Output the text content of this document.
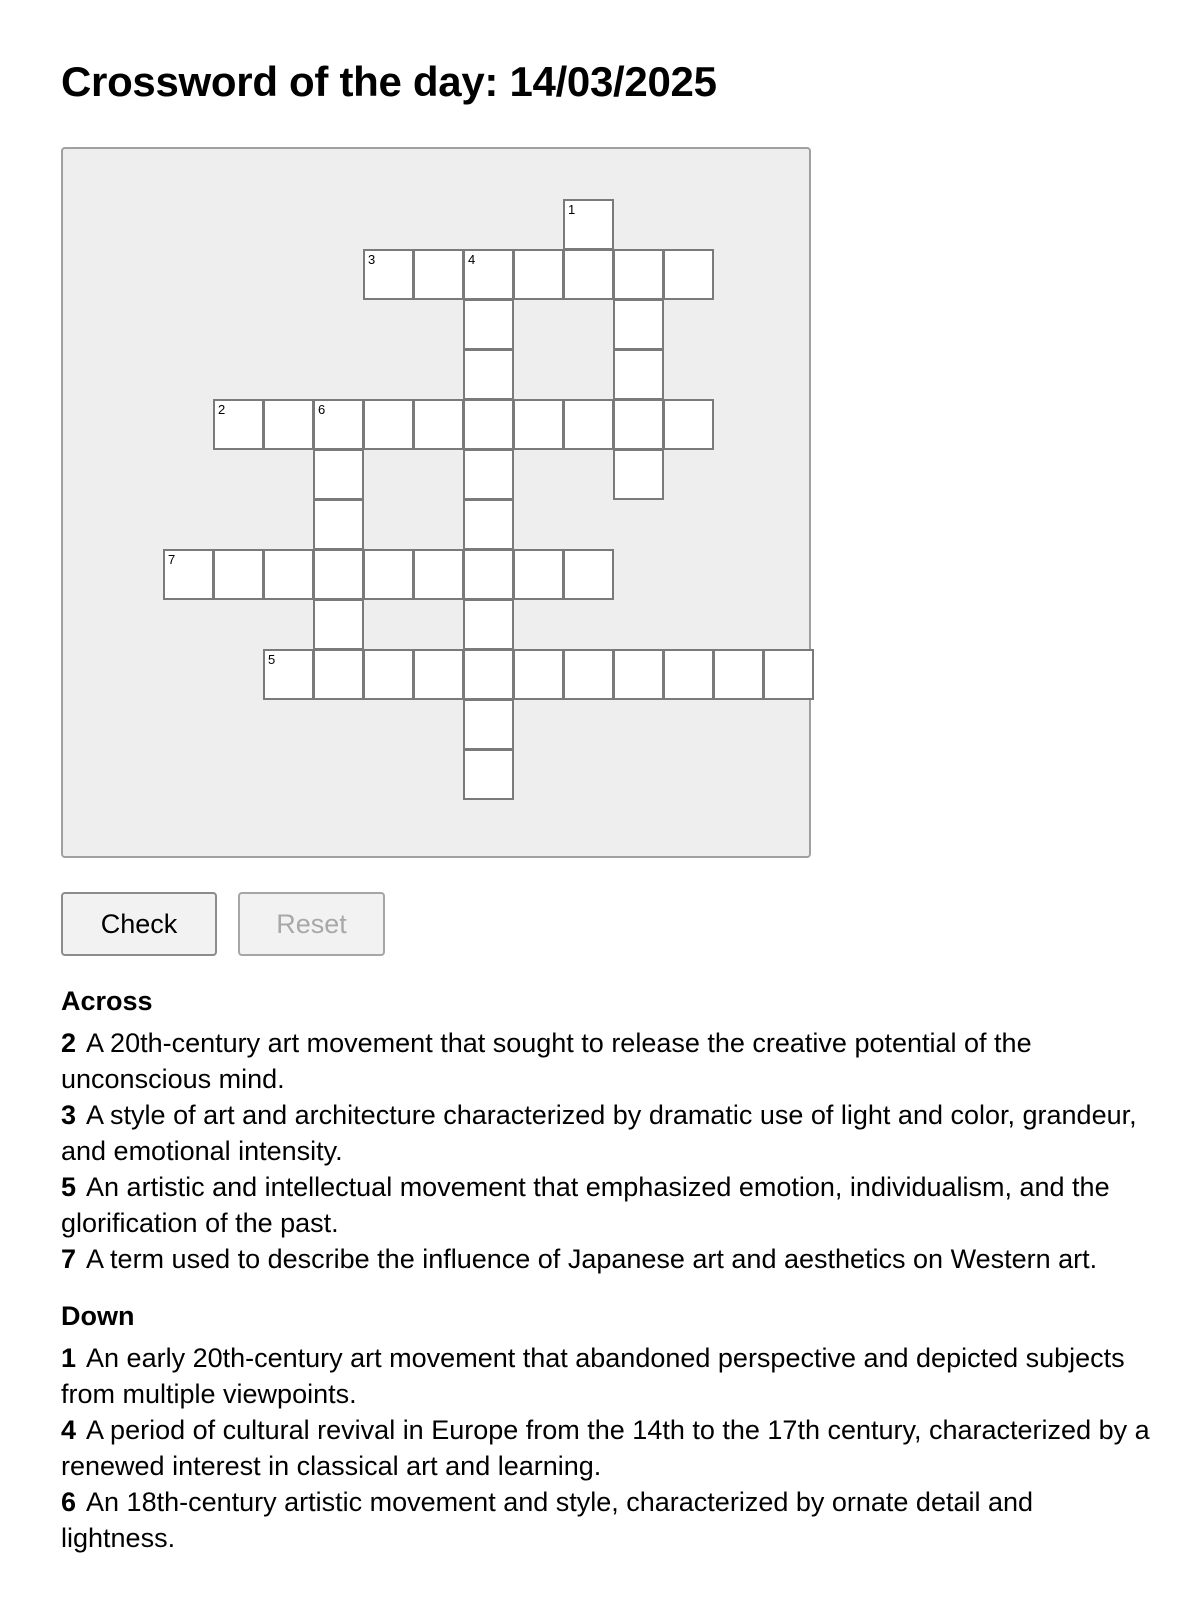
Crossword of the day: 14/03/2025
1
3	4
2	6
7
5
Check	Reset
Across
2 A 20th-century art movement that sought to release the creative potential of the unconscious mind.
3 A style of art and architecture characterized by dramatic use of light and color, grandeur, and emotional intensity.
5 An artistic and intellectual movement that emphasized emotion, individualism, and the glorification of the past.
7 A term used to describe the influence of Japanese art and aesthetics on Western art.
Down
1 An early 20th-century art movement that abandoned perspective and depicted subjects from multiple viewpoints.
4 A period of cultural revival in Europe from the 14th to the 17th century, characterized by a renewed interest in classical art and learning.
6 An 18th-century artistic movement and style, characterized by ornate detail and lightness.
